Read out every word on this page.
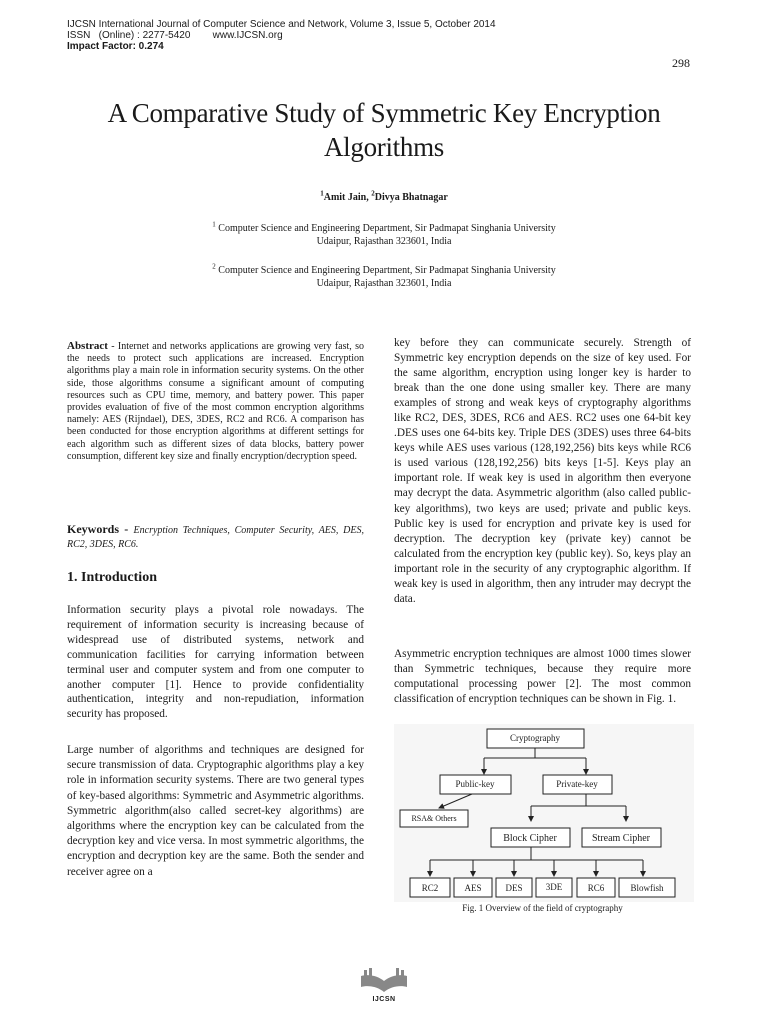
IJCSN International Journal of Computer Science and Network, Volume 3, Issue 5, October 2014
ISSN   (Online) : 2277-5420        www.IJCSN.org
Impact Factor: 0.274
298
A Comparative Study of Symmetric Key Encryption
Algorithms
$^1$Amit Jain, $^2$Divya Bhatnagar
$^1$ Computer Science and Engineering Department, Sir Padmapat Singhania University
Udaipur, Rajasthan 323601, India
$^2$ Computer Science and Engineering Department, Sir Padmapat Singhania University
Udaipur, Rajasthan 323601, India
Abstract - Internet and networks applications are growing very fast, so the needs to protect such applications are increased. Encryption algorithms play a main role in information security systems. On the other side, those algorithms consume a significant amount of computing resources such as CPU time, memory, and battery power. This paper provides evaluation of five of the most common encryption algorithms namely: AES (Rijndael), DES, 3DES, RC2 and RC6. A comparison has been conducted for those encryption algorithms at different settings for each algorithm such as different sizes of data blocks, battery power consumption, different key size and finally encryption/decryption speed.
Keywords - Encryption Techniques, Computer Security, AES, DES, RC2, 3DES, RC6.
1. Introduction

Information security plays a pivotal role nowadays. The requirement of information security is increasing because of widespread use of distributed systems, network and communication facilities for carrying information between terminal user and computer system and from one computer to another computer [1]. Hence to provide confidentiality authentication, integrity and non-repudiation, information security has proposed.

Large number of algorithms and techniques are designed for secure transmission of data. Cryptographic algorithms play a key role in information security systems. There are two general types of key-based algorithms: Symmetric and Asymmetric algorithms. Symmetric algorithm(also called secret-key algorithms) are algorithms where the encryption key can be calculated from the decryption key and vice versa. In most symmetric algorithms, the encryption and decryption key are the same. Both the sender and receiver agree on a

key before they can communicate securely. Strength of Symmetric key encryption depends on the size of key used. For the same algorithm, encryption using longer key is harder to break than the one done using smaller key. There are many examples of strong and weak keys of cryptography algorithms like RC2, DES, 3DES, RC6 and AES. RC2 uses one 64-bit key .DES uses one 64-bits key. Triple DES (3DES) uses three 64-bits keys while AES uses various (128,192,256) bits keys while RC6 is used various (128,192,256) bits keys [1-5]. Keys play an important role. If weak key is used in algorithm then everyone may decrypt the data. Asymmetric algorithm (also called public-key algorithms), two keys are used; private and public keys. Public key is used for encryption and private key is used for decryption. The decryption key (private key) cannot be calculated from the encryption key (public key). So, keys play an important role in the security of any cryptographic algorithm. If weak key is used in algorithm, then any intruder may decrypt the data.

Asymmetric encryption techniques are almost 1000 times slower than Symmetric techniques, because they require more computational processing power [2]. The most common classification of encryption techniques can be shown in Fig. 1.

Cryptography
Public-key	Private-key
RSA& Others
Block Cipher	Stream Cipher
RC2	AES	DES	3DE	RC6	Blowfish
Fig. 1 Overview of the field of cryptography
IJCSN
